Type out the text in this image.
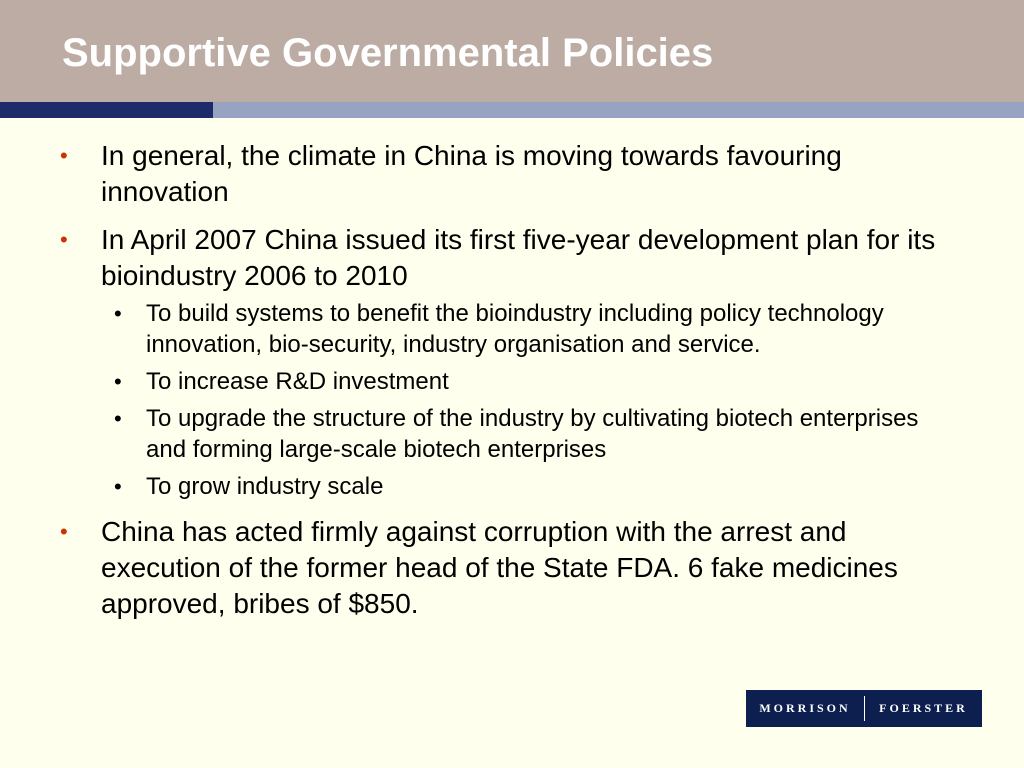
Supportive Governmental Policies
• In general, the climate in China is moving towards favouring innovation
• In April 2007 China issued its first five-year development plan for its bioindustry 2006 to 2010
• To build systems to benefit the bioindustry including policy technology innovation, bio-security, industry organisation and service.
• To increase R&D investment
• To upgrade the structure of the industry by cultivating biotech enterprises and forming large-scale biotech enterprises
• To grow industry scale
• China has acted firmly against corruption with the arrest and execution of the former head of the State FDA. 6 fake medicines approved, bribes of $850.
MORRISON	FOERSTER
